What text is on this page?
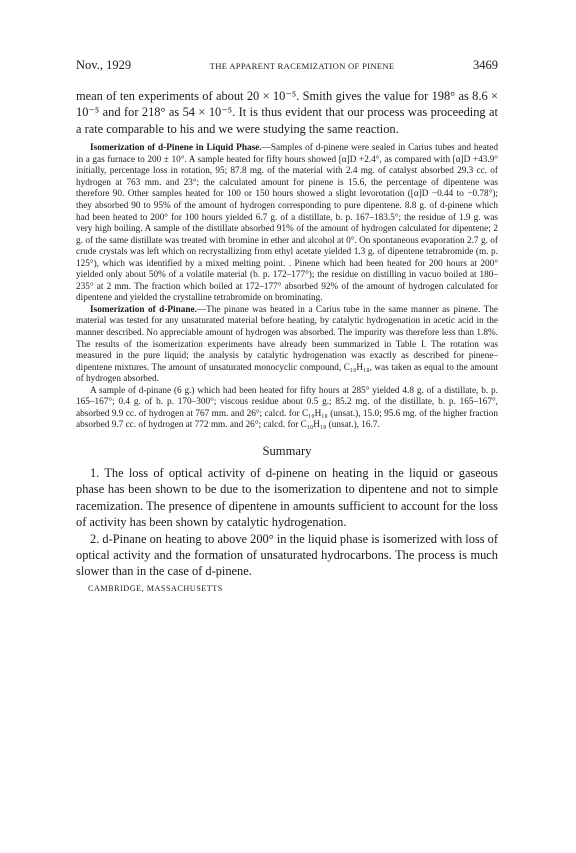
Nov., 1929	THE APPARENT RACEMIZATION OF PINENE	3469

mean of ten experiments of about 20 × 10⁻⁵. Smith gives the value for 198° as 8.6 × 10⁻⁵ and for 218° as 54 × 10⁻⁵. It is thus evident that our process was proceeding at a rate comparable to his and we were studying the same reaction.

Isomerization of d-Pinene in Liquid Phase.—Samples of d-pinene were sealed in Carius tubes and heated in a gas furnace to 200 ± 10°. A sample heated for fifty hours showed [α]D +2.4°, as compared with [α]D +43.9° initially, percentage loss in rotation, 95; 87.8 mg. of the material with 2.4 mg. of catalyst absorbed 29.3 cc. of hydrogen at 763 mm. and 23°; the calculated amount for pinene is 15.6, the percentage of dipentene was therefore 90. Other samples heated for 100 or 150 hours showed a slight levorotation ([α]D −0.44 to −0.78°); they absorbed 90 to 95% of the amount of hydrogen corresponding to pure dipentene. 8.8 g. of d-pinene which had been heated to 200° for 100 hours yielded 6.7 g. of a distillate, b. p. 167–183.5°; the residue of 1.9 g. was very high boiling. A sample of the distillate absorbed 91% of the amount of hydrogen calculated for dipentene; 2 g. of the same distillate was treated with bromine in ether and alcohol at 0°. On spontaneous evaporation 2.7 g. of crude crystals was left which on recrystallizing from ethyl acetate yielded 1.3 g. of dipentene tetrabromide (m. p. 125°), which was identified by a mixed melting point. . Pinene which had been heated for 200 hours at 200° yielded only about 50% of a volatile material (b. p. 172–177°); the residue on distilling in vacuo boiled at 180–235° at 2 mm. The fraction which boiled at 172–177° absorbed 92% of the amount of hydrogen calculated for dipentene and yielded the crystalline tetrabromide on brominating.

Isomerization of d-Pinane.—The pinane was heated in a Carius tube in the same manner as pinene. The material was tested for any unsaturated material before heating, by catalytic hydrogenation in acetic acid in the manner described. No appreciable amount of hydrogen was absorbed. The impurity was therefore less than 1.8%. The results of the isomerization experiments have already been summarized in Table I. The rotation was measured in the pure liquid; the analysis by catalytic hydrogenation was exactly as described for pinene–dipentene mixtures. The amount of unsaturated monocyclic compound, C₁₀H₁₈, was taken as equal to the amount of hydrogen absorbed.

A sample of d-pinane (6 g.) which had been heated for fifty hours at 285° yielded 4.8 g. of a distillate, b. p. 165–167°; 0.4 g. of b. p. 170–300°; viscous residue about 0.5 g.; 85.2 mg. of the distillate, b. p. 165–167°, absorbed 9.9 cc. of hydrogen at 767 mm. and 26°; calcd. for C₁₀H₁₈ (unsat.), 15.0; 95.6 mg. of the higher fraction absorbed 9.7 cc. of hydrogen at 772 mm. and 26°; calcd. for C₁₀H₁₈ (unsat.), 16.7.

Summary

1. The loss of optical activity of d-pinene on heating in the liquid or gaseous phase has been shown to be due to the isomerization to dipentene and not to simple racemization. The presence of dipentene in amounts sufficient to account for the loss of activity has been shown by catalytic hydrogenation.

2. d-Pinane on heating to above 200° in the liquid phase is isomerized with loss of optical activity and the formation of unsaturated hydrocarbons. The process is much slower than in the case of d-pinene.

CAMBRIDGE, MASSACHUSETTS
